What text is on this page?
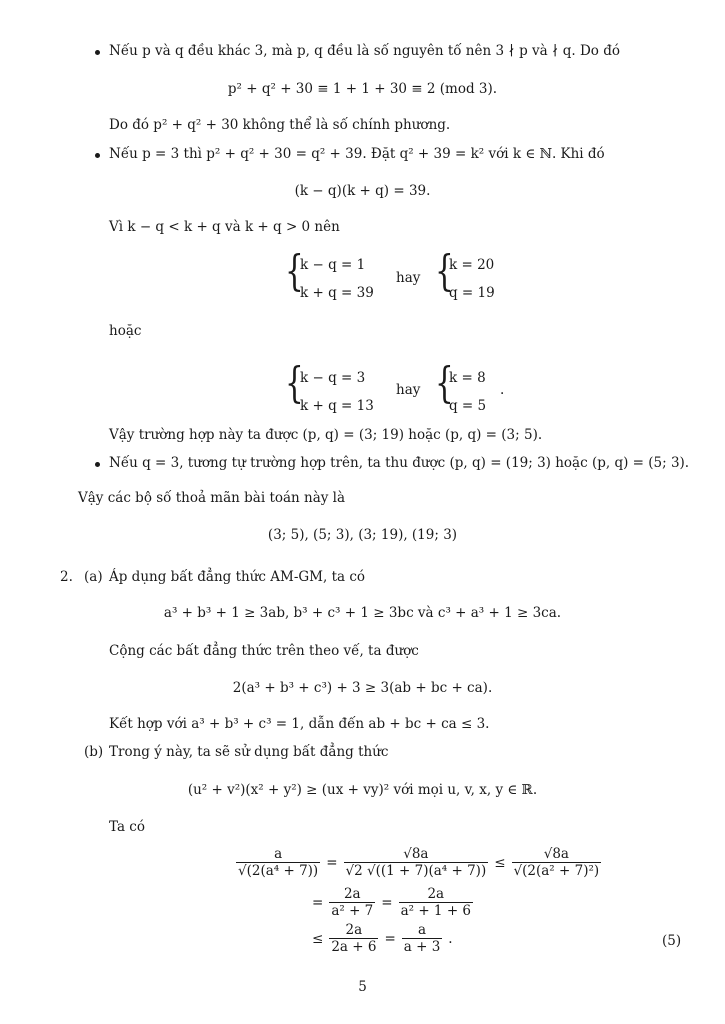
Nếu p và q đều khác 3, mà p, q đều là số nguyên tố nên 3 ∤ p và ∤ q. Do đó
p² + q² + 30 ≡ 1 + 1 + 30 ≡ 2 (mod 3).
Do đó p² + q² + 30 không thể là số chính phương.
Nếu p = 3 thì p² + q² + 30 = q² + 39. Đặt q² + 39 = k² với k ∈ ℕ. Khi đó
(k − q)(k + q) = 39.
Vì k − q < k + q và k + q > 0 nên
{
k − q = 1
k + q = 39
hay {
k = 20
q = 19
hoặc
{
k − q = 3
k + q = 13
hay {
k = 8
q = 5
.
Vậy trường hợp này ta được (p, q) = (3; 19) hoặc (p, q) = (3; 5).
Nếu q = 3, tương tự trường hợp trên, ta thu được (p, q) = (19; 3) hoặc (p, q) = (5; 3).
Vậy các bộ số thoả mãn bài toán này là
(3; 5), (5; 3), (3; 19), (19; 3)
2. (a) Áp dụng bất đẳng thức AM-GM, ta có
a³ + b³ + 1 ≥ 3ab, b³ + c³ + 1 ≥ 3bc và c³ + a³ + 1 ≥ 3ca.
Cộng các bất đẳng thức trên theo vế, ta được
2(a³ + b³ + c³) + 3 ≥ 3(ab + bc + ca).
Kết hợp với a³ + b³ + c³ = 1, dẫn đến ab + bc + ca ≤ 3.
(b) Trong ý này, ta sẽ sử dụng bất đẳng thức
(u² + v²)(x² + y²) ≥ (ux + vy)² với mọi u, v, x, y ∈ ℝ.
Ta có
$\frac{a}{\text{√(2(a⁴ + 7))}} = \frac{√8a}{\text{√2 √((1 + 7)(a⁴ + 7))}} \le \frac{√8a}{\text{√(2(a² + 7)²)}}$
= $\frac{2a}{\text{a² + 7}} = \frac{2a}{\text{a² + 1 + 6}}$
≤ $\frac{2a}{2a + 6} = \frac{a}{a + 3}$ .	(5)
5
